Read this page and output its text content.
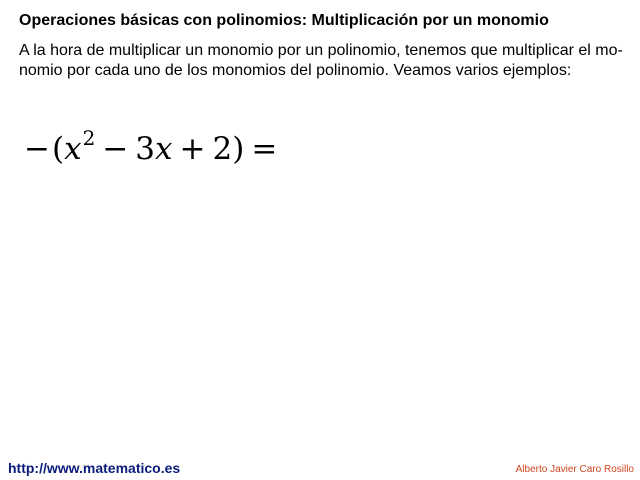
Operaciones básicas con polinomios: Multiplicación por un monomio
A la hora de multiplicar un monomio por un polinomio, tenemos que multiplicar el mo-
nomio por cada uno de los monomios del polinomio. Veamos varios ejemplos:
$-(x^2 - 3x + 2)$ =
http://www.matematico.es	Alberto Javier Caro Rosillo
